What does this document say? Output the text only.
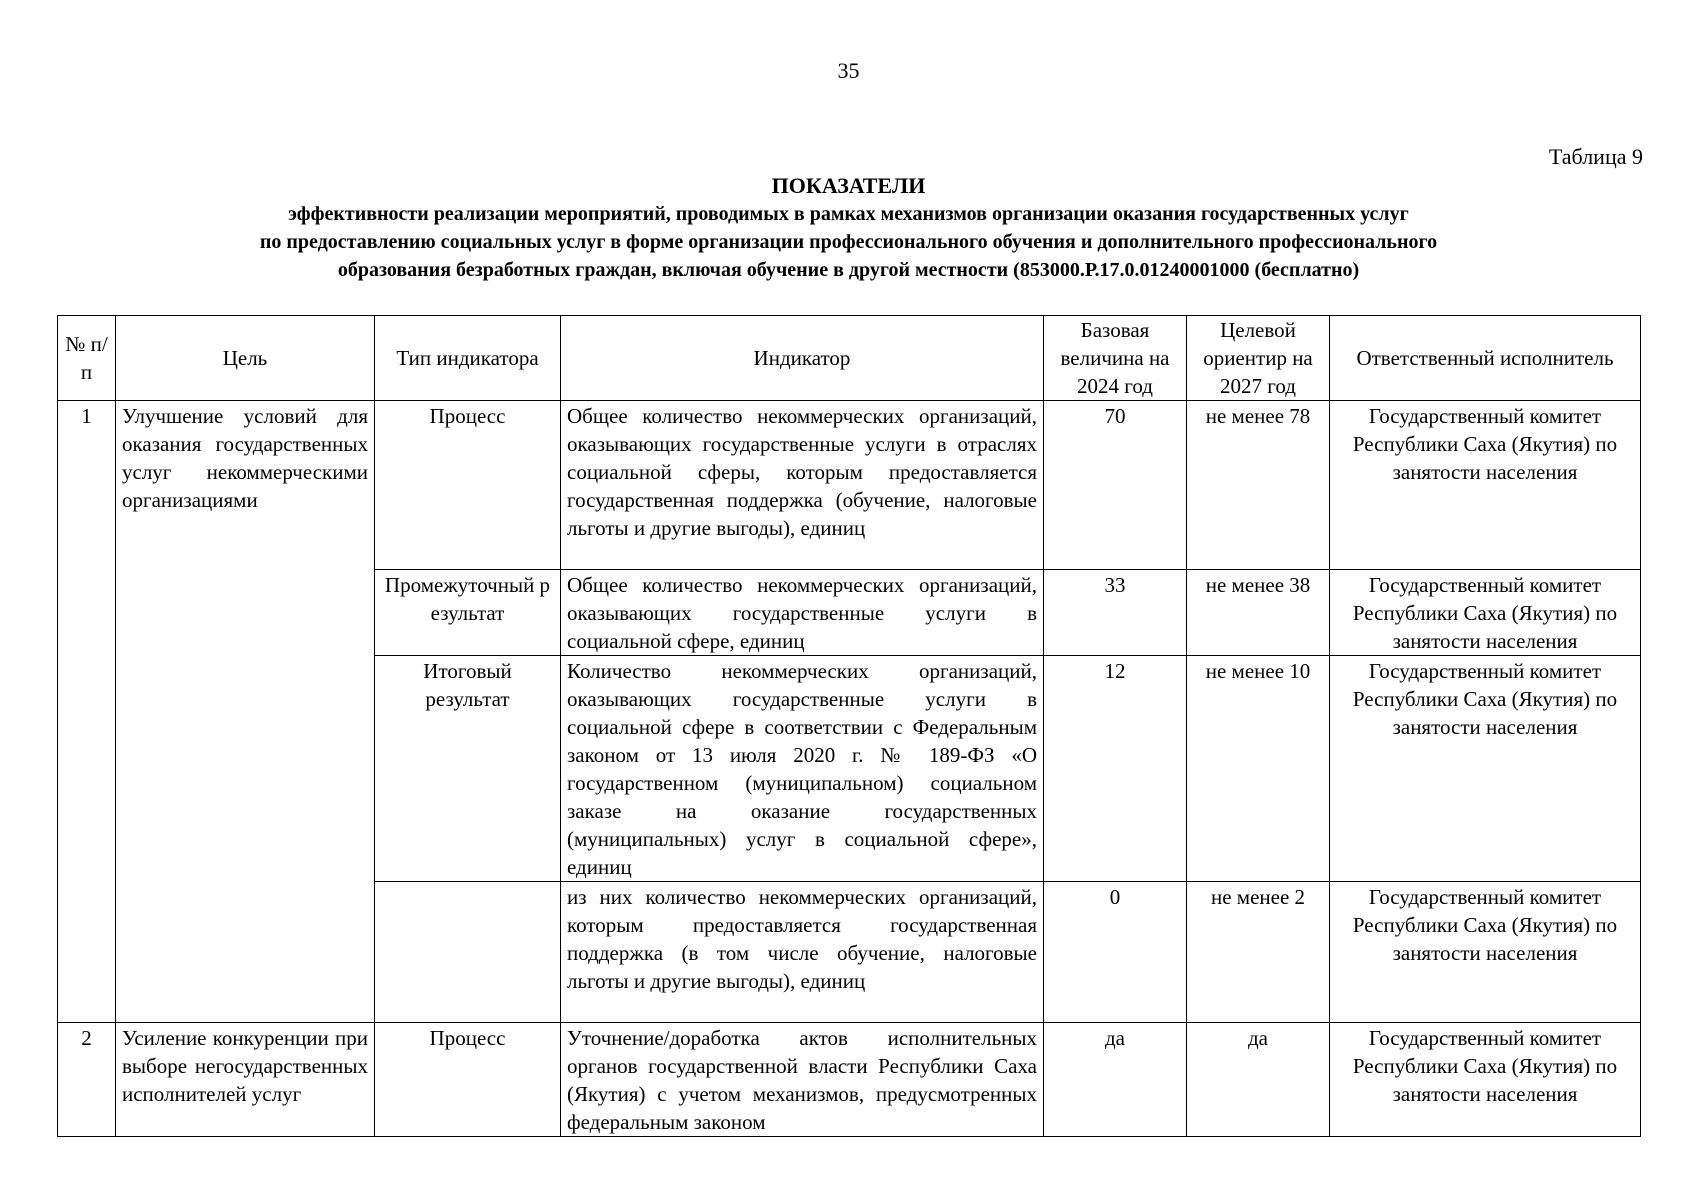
35
Таблица 9
ПОКАЗАТЕЛИ
эффективности реализации мероприятий, проводимых в рамках механизмов организации оказания государственных услуг
по предоставлению социальных услуг в форме организации профессионального обучения и дополнительного профессионального
образования безработных граждан, включая обучение в другой местности (853000.Р.17.0.01240001000 (бесплатно)
№ п/п	Цель	Тип индикатора	Индикатор	Базовая величина на 2024 год	Целевой ориентир на 2027 год	Ответственный исполнитель
1	Улучшение условий для оказания государственных услуг некоммерческими организациями	Процесс	Общее количество некоммерческих организаций, оказывающих государственные услуги в отраслях социальной сферы, которым предоставляется государственная поддержка (обучение, налоговые льготы и другие выгоды), единиц	70	не менее 78	Государственный комитет Республики Саха (Якутия) по занятости населения
		Промежуточный результат	Общее количество некоммерческих организаций, оказывающих государственные услуги в социальной сфере, единиц	33	не менее 38	Государственный комитет Республики Саха (Якутия) по занятости населения
		Итоговый результат	Количество некоммерческих организаций, оказывающих государственные услуги в социальной сфере в соответствии с Федеральным законом от 13 июля 2020 г. № 189-ФЗ «О государственном (муниципальном) социальном заказе на оказание государственных (муниципальных) услуг в социальной сфере», единиц	12	не менее 10	Государственный комитет Республики Саха (Якутия) по занятости населения
			из них количество некоммерческих организаций, которым предоставляется государственная поддержка (в том числе обучение, налоговые льготы и другие выгоды), единиц	0	не менее 2	Государственный комитет Республики Саха (Якутия) по занятости населения
2	Усиление конкуренции при выборе негосударственных исполнителей услуг	Процесс	Уточнение/доработка актов исполнительных органов государственной власти Республики Саха (Якутия) с учетом механизмов, предусмотренных федеральным законом	да	да	Государственный комитет Республики Саха (Якутия) по занятости населения
